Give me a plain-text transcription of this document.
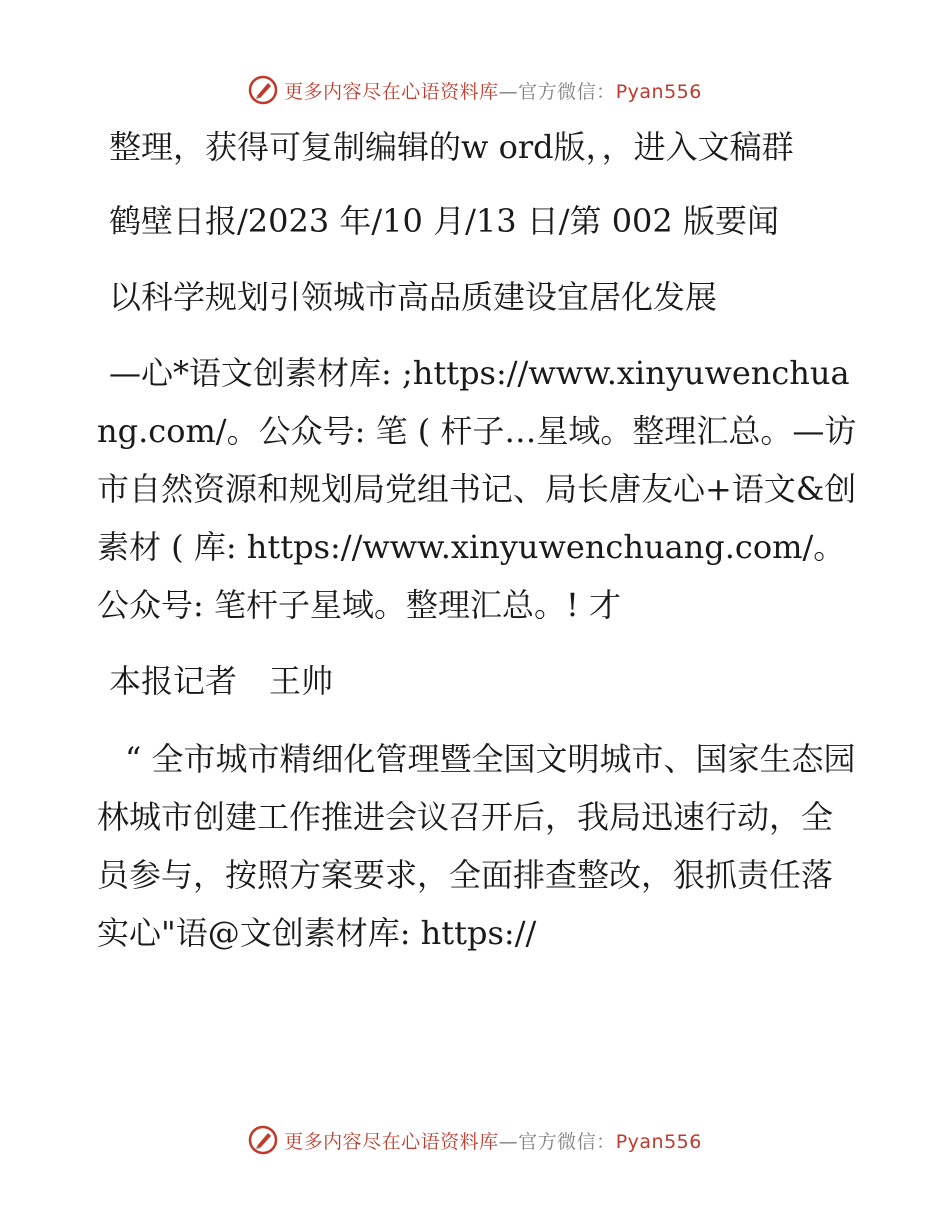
更多内容尽在心语资料库—官方微信：Pyan556

整理，获得可复制编辑的w ord版，，进入文稿群

鹤壁日报/2023 年/10 月/13 日/第 002 版要闻

以科学规划引领城市高品质建设宜居化发展

—心*语文创素材库: ;https://www.xinyuwenchuang.com/。公众号: 笔 ( 杆子…星域。整理汇总。—访市自然资源和规划局党组书记、局长唐友心+语文&创素材 ( 库: https://www.xinyuwenchuang.com/。公众号: 笔杆子星域。整理汇总。! 才

本报记者　王帅

“ 全市城市精细化管理暨全国文明城市、国家生态园林城市创建工作推进会议召开后，我局迅速行动，全员参与，按照方案要求，全面排查整改，狠抓责任落实心"语@文创素材库: https://

更多内容尽在心语资料库—官方微信：Pyan556
